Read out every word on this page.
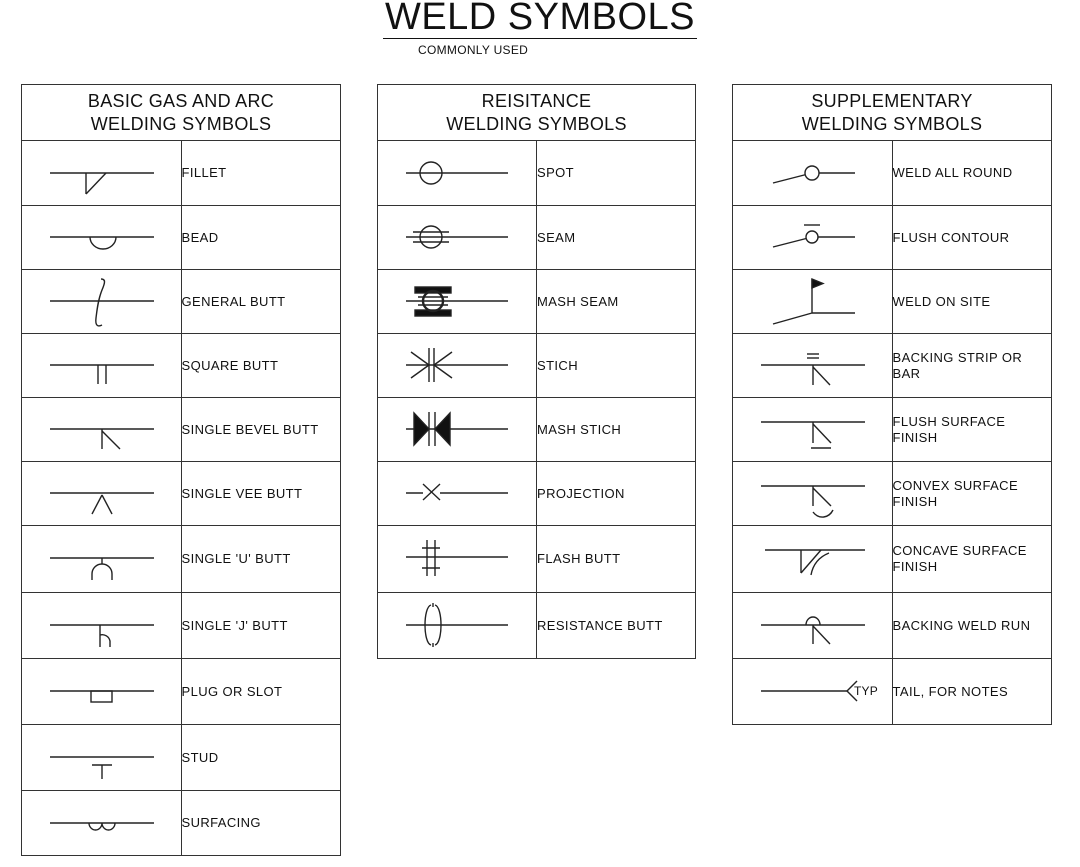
WELD SYMBOLS
COMMONLY USED
BASIC GAS AND ARC
WELDING SYMBOLS	

	FILLET

	BEAD

	GENERAL BUTT

	SQUARE BUTT

	SINGLE BEVEL BUTT

	SINGLE VEE BUTT

	SINGLE 'U' BUTT

	SINGLE 'J' BUTT

	PLUG OR SLOT

	STUD

	SURFACING
REISITANCE
WELDING SYMBOLS	

	SPOT

	SEAM

	MASH SEAM

	STICH

	MASH STICH

	PROJECTION

	FLASH BUTT

	RESISTANCE BUTT
SUPPLEMENTARY
WELDING SYMBOLS	

	WELD ALL ROUND

	FLUSH CONTOUR

	WELD ON SITE

	BACKING STRIP OR BAR

	FLUSH SURFACE FINISH

	CONVEX SURFACE FINISH

	CONCAVE SURFACE FINISH

	BACKING WELD RUN

TYP	TAIL, FOR NOTES
